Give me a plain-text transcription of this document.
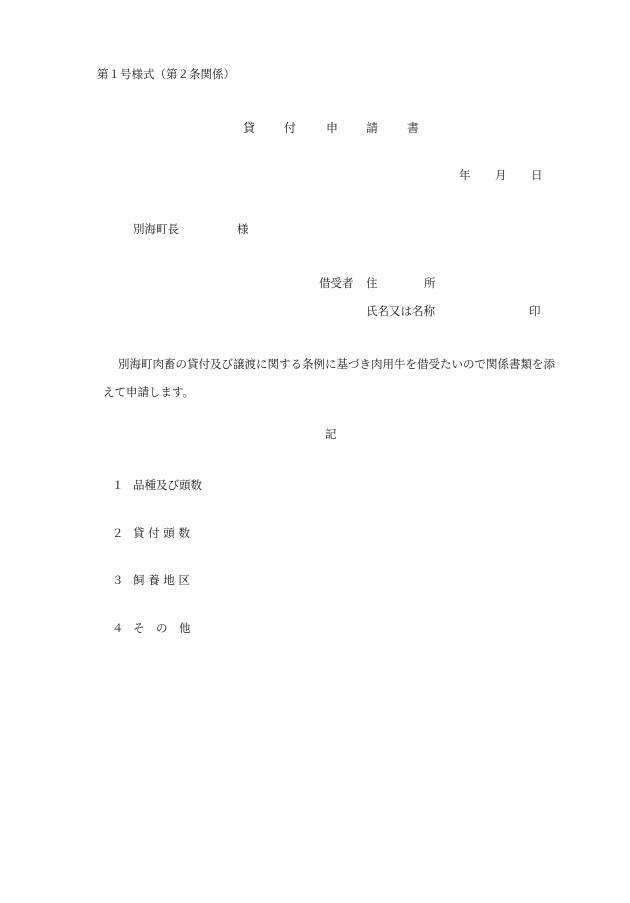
第１号様式（第２条関係）
貸 付 申 請 書
年 月 日
別海町長	様
借受者 住	所
氏名又は名称	印
別海町肉畜の貸付及び譲渡に関する条例に基づき肉用牛を借受たいので関係書類を添
えて申請します。
記
１ 品種及び頭数
２ 貸 付 頭 数
３ 飼 養 地 区
４ そ　の　他
